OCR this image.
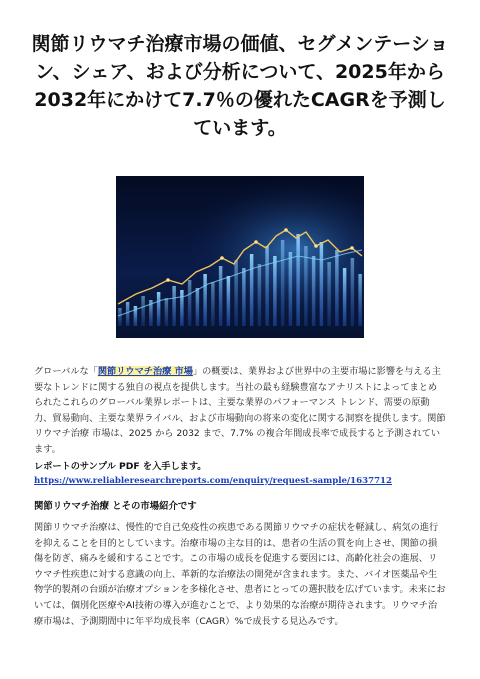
関節リウマチ治療市場の価値、セグメンテーション、シェア、および分析について、2025年から2032年にかけて7.7％の優れたCAGRを予測しています。

グローバルな「関節リウマチ治療 市場」の概要は、業界および世界中の主要市場に影響を与える主要なトレンドに関する独自の視点を提供します。当社の最も経験豊富なアナリストによってまとめられたこれらのグローバル業界レポートは、主要な業界のパフォーマンス トレンド、需要の原動力、貿易動向、主要な業界ライバル、および市場動向の将来の変化に関する洞察を提供します。関節リウマチ治療 市場は、2025 から 2032 まで、7.7% の複合年間成長率で成長すると予測されています。

レポートのサンプル PDF を入手します。
https://www.reliableresearchreports.com/enquiry/request-sample/1637712
関節リウマチ治療 とその市場紹介です

関節リウマチ治療は、慢性的で自己免疫性の疾患である関節リウマチの症状を軽減し、病気の進行を抑えることを目的としています。治療市場の主な目的は、患者の生活の質を向上させ、関節の損傷を防ぎ、痛みを緩和することです。この市場の成長を促進する要因には、高齢化社会の進展、リウマチ性疾患に対する意識の向上、革新的な治療法の開発が含まれます。また、バイオ医薬品や生物学的製剤の台頭が治療オプションを多様化させ、患者にとっての選択肢を広げています。未来においては、個別化医療やAI技術の導入が進むことで、より効果的な治療が期待されます。リウマチ治療市場は、予測期間中に年平均成長率（CAGR）%で成長する見込みです。
